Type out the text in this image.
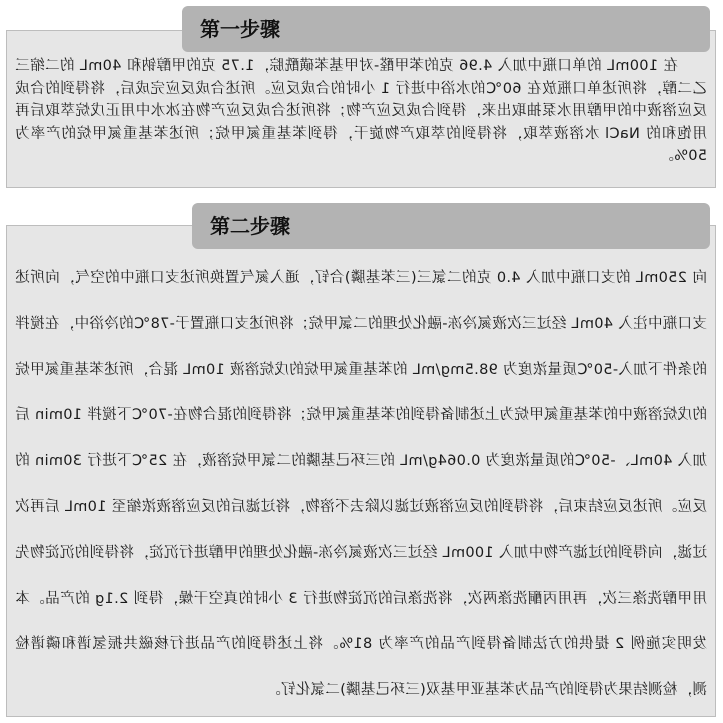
在 100mL 的单口瓶中加入 4.96 克的苯甲醛-对甲基苯磺酰腙，1.75 克的甲醇钠和 40mL 的二缩三乙二醇，将所述单口瓶放在 60℃的水浴中进行 1 小时的合成反应。所述合成反应完成后，将得到的合成反应溶液中的甲醇用水泵抽取出来，得到合成反应产物；将所述合成反应产物在冰水中用正戊烷萃取后再用饱和的 NaCl 水溶液萃取，将得到的萃取产物旋干，得到苯基重氮甲烷；所述苯基重氮甲烷的产率为 50%。
第一步骤
向 250mL 的支口瓶中加入 4.0 克的二氯三(三苯基膦)合钌，通入氮气置换所述支口瓶中的空气，向所述支口瓶中注入 40mL 经过三次液氮冷冻-融化处理的二氯甲烷；将所述支口瓶置于-78℃的冷浴中，在搅拌的条件下加入-50℃质量浓度为 98.5mg/mL 的苯基重氮甲烷的戊烷溶液 10mL 混合，所述苯基重氮甲烷的戊烷溶液中的苯基重氮甲烷为上述制备得到的苯基重氮甲烷；将得到的混合物在-70℃下搅拌 10min 后加入 40mL、-50℃的质量浓度为 0.064g/mL 的三环己基膦的二氯甲烷溶液，在 25℃下进行 30min 的反应。所述反应结束后，将得到的反应溶液过滤以除去不溶物，将过滤后的反应溶液浓缩至 10mL 后再次过滤，向得到的过滤产物中加入 100mL 经过三次液氮冷冻-融化处理的甲醇进行沉淀，将得到的沉淀物先用甲醇洗涤三次，再用丙酮洗涤两次，将洗涤后的沉淀物进行 3 小时的真空干燥，得到 2.1g 的产品。本发明实施例 2 提供的方法制备得到产品的产率为 81%。将上述得到的产品进行核磁共振氢谱和磷谱检测，检测结果为得到的产品为苯基亚甲基双(三环己基膦)二氯化钌。
第二步骤
